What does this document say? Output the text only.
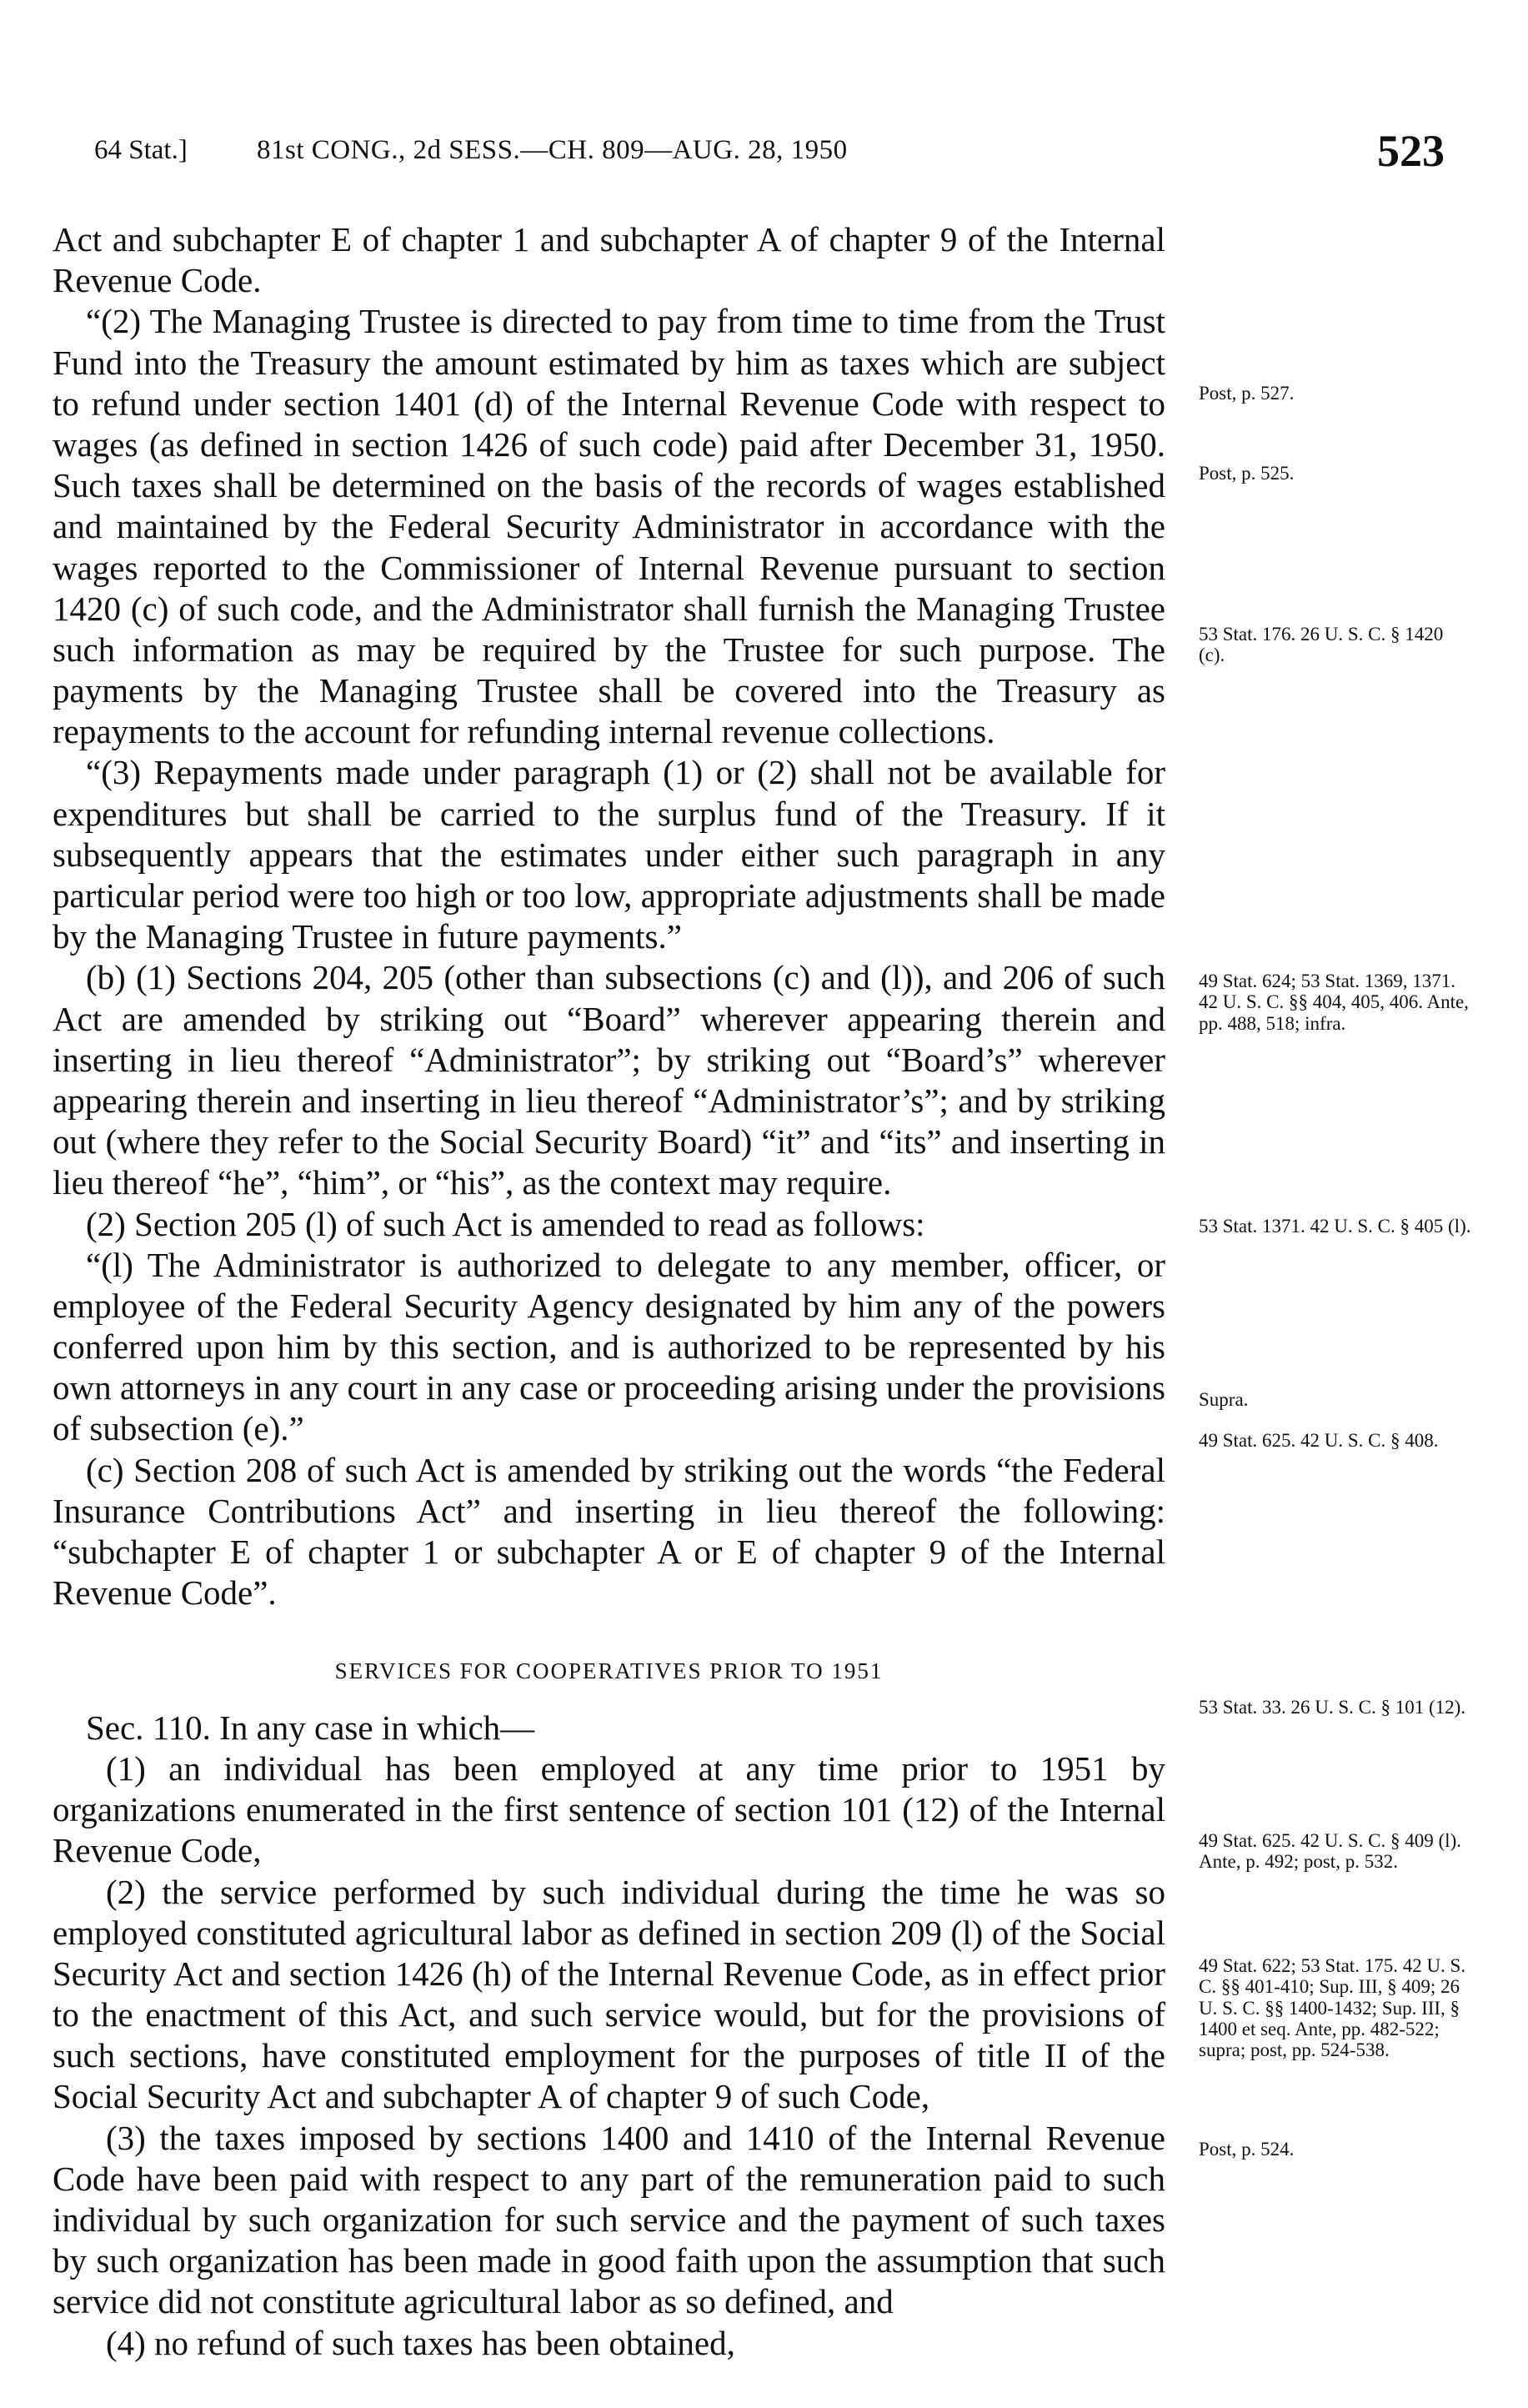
64 Stat.]	81st CONG., 2d SESS.—CH. 809—AUG. 28, 1950	523

Act and subchapter E of chapter 1 and subchapter A of chapter 9 of the Internal Revenue Code.

“(2) The Managing Trustee is directed to pay from time to time from the Trust Fund into the Treasury the amount estimated by him as taxes which are subject to refund under section 1401 (d) of the Internal Revenue Code with respect to wages (as defined in section 1426 of such code) paid after December 31, 1950. Such taxes shall be determined on the basis of the records of wages established and maintained by the Federal Security Administrator in accordance with the wages reported to the Commissioner of Internal Revenue pursuant to section 1420 (c) of such code, and the Administrator shall furnish the Managing Trustee such information as may be required by the Trustee for such purpose. The payments by the Managing Trustee shall be covered into the Treasury as repayments to the account for refunding internal revenue collections.

“(3) Repayments made under paragraph (1) or (2) shall not be available for expenditures but shall be carried to the surplus fund of the Treasury. If it subsequently appears that the estimates under either such paragraph in any particular period were too high or too low, appropriate adjustments shall be made by the Managing Trustee in future payments.”

(b) (1) Sections 204, 205 (other than subsections (c) and (l)), and 206 of such Act are amended by striking out “Board” wherever appearing therein and inserting in lieu thereof “Administrator”; by striking out “Board’s” wherever appearing therein and inserting in lieu thereof “Administrator’s”; and by striking out (where they refer to the Social Security Board) “it” and “its” and inserting in lieu thereof “he”, “him”, or “his”, as the context may require.

(2) Section 205 (l) of such Act is amended to read as follows:

“(l) The Administrator is authorized to delegate to any member, officer, or employee of the Federal Security Agency designated by him any of the powers conferred upon him by this section, and is authorized to be represented by his own attorneys in any court in any case or proceeding arising under the provisions of subsection (e).”

(c) Section 208 of such Act is amended by striking out the words “the Federal Insurance Contributions Act” and inserting in lieu thereof the following: “subchapter E of chapter 1 or subchapter A or E of chapter 9 of the Internal Revenue Code”.

SERVICES FOR COOPERATIVES PRIOR TO 1951

Sec. 110. In any case in which—

(1) an individual has been employed at any time prior to 1951 by organizations enumerated in the first sentence of section 101 (12) of the Internal Revenue Code,

(2) the service performed by such individual during the time he was so employed constituted agricultural labor as defined in section 209 (l) of the Social Security Act and section 1426 (h) of the Internal Revenue Code, as in effect prior to the enactment of this Act, and such service would, but for the provisions of such sections, have constituted employment for the purposes of title II of the Social Security Act and subchapter A of chapter 9 of such Code,

(3) the taxes imposed by sections 1400 and 1410 of the Internal Revenue Code have been paid with respect to any part of the remuneration paid to such individual by such organization for such service and the payment of such taxes by such organization has been made in good faith upon the assumption that such service did not constitute agricultural labor as so defined, and

(4) no refund of such taxes has been obtained,

Post, p. 527.
Post, p. 525.
53 Stat. 176. 26 U. S. C. § 1420 (c).
49 Stat. 624; 53 Stat. 1369, 1371. 42 U. S. C. §§ 404, 405, 406. Ante, pp. 488, 518; infra.
53 Stat. 1371. 42 U. S. C. § 405 (l).
Supra.
49 Stat. 625. 42 U. S. C. § 408.
53 Stat. 33. 26 U. S. C. § 101 (12).
49 Stat. 625. 42 U. S. C. § 409 (l). Ante, p. 492; post, p. 532.
49 Stat. 622; 53 Stat. 175. 42 U. S. C. §§ 401-410; Sup. III, § 409; 26 U. S. C. §§ 1400-1432; Sup. III, § 1400 et seq. Ante, pp. 482-522; supra; post, pp. 524-538.
Post, p. 524.
